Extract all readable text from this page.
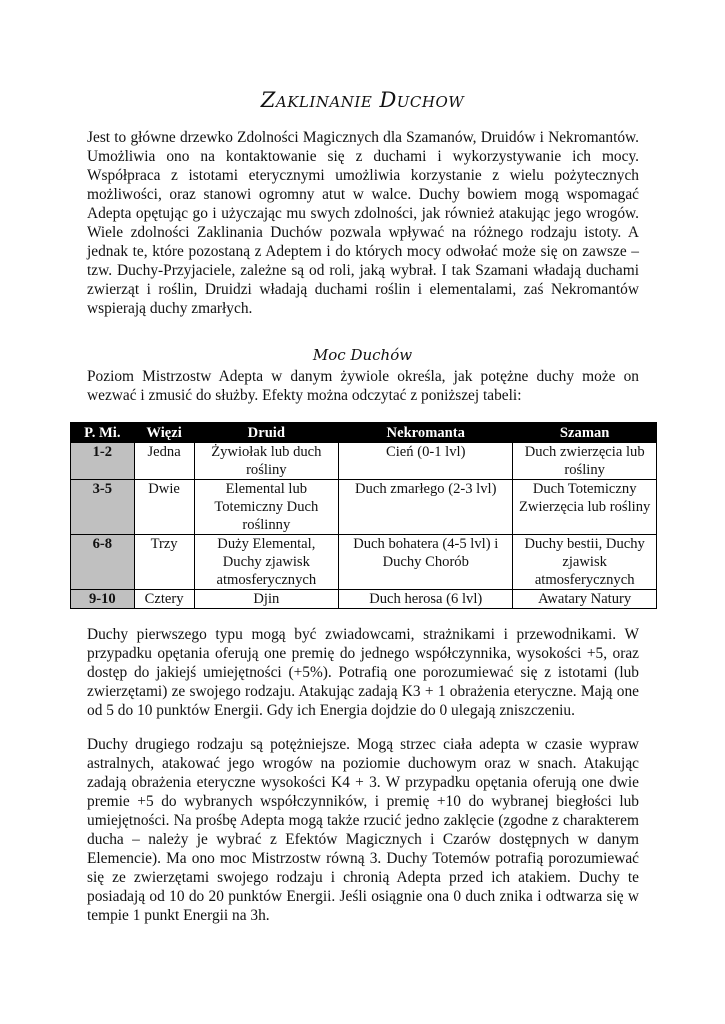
Zaklinanie Duchow

Jest to główne drzewko Zdolności Magicznych dla Szamanów, Druidów i Nekromantów. Umożliwia ono na kontaktowanie się z duchami i wykorzystywanie ich mocy. Współpraca z istotami eterycznymi umożliwia korzystanie z wielu pożytecznych możliwości, oraz stanowi ogromny atut w walce. Duchy bowiem mogą wspomagać Adepta opętując go i użyczając mu swych zdolności, jak również atakując jego wrogów. Wiele zdolności Zaklinania Duchów pozwala wpływać na różnego rodzaju istoty. A jednak te, które pozostaną z Adeptem i do których mocy odwołać może się on zawsze – tzw. Duchy-Przyjaciele, zależne są od roli, jaką wybrał. I tak Szamani władają duchami zwierząt i roślin, Druidzi władają duchami roślin i elementalami, zaś Nekromantów wspierają duchy zmarłych.

Moc Duchów

Poziom Mistrzostw Adepta w danym żywiole określa, jak potężne duchy może on wezwać i zmusić do służby. Efekty można odczytać z poniższej tabeli:

P. Mi.	Więzi	Druid	Nekromanta	Szaman
1-2	Jedna	Żywiołak lub duch rośliny	Cień (0-1 lvl)	Duch zwierzęcia lub rośliny
3-5	Dwie	Elemental lub Totemiczny Duch roślinny	Duch zmarłego (2-3 lvl)	Duch Totemiczny Zwierzęcia lub rośliny
6-8	Trzy	Duży Elemental, Duchy zjawisk atmosferycznych	Duch bohatera (4-5 lvl) i Duchy Chorób	Duchy bestii, Duchy zjawisk atmosferycznych
9-10	Cztery	Djin	Duch herosa (6 lvl)	Awatary Natury

Duchy pierwszego typu mogą być zwiadowcami, strażnikami i przewodnikami. W przypadku opętania oferują one premię do jednego współczynnika, wysokości +5, oraz dostęp do jakiejś umiejętności (+5%). Potrafią one porozumiewać się z istotami (lub zwierzętami) ze swojego rodzaju. Atakując zadają K3 + 1 obrażenia eteryczne. Mają one od 5 do 10 punktów Energii. Gdy ich Energia dojdzie do 0 ulegają zniszczeniu.

Duchy drugiego rodzaju są potężniejsze. Mogą strzec ciała adepta w czasie wypraw astralnych, atakować jego wrogów na poziomie duchowym oraz w snach. Atakując zadają obrażenia eteryczne wysokości K4 + 3. W przypadku opętania oferują one dwie premie +5 do wybranych współczynników, i premię +10 do wybranej biegłości lub umiejętności. Na prośbę Adepta mogą także rzucić jedno zaklęcie (zgodne z charakterem ducha – należy je wybrać z Efektów Magicznych i Czarów dostępnych w danym Elemencie). Ma ono moc Mistrzostw równą 3. Duchy Totemów potrafią porozumiewać się ze zwierzętami swojego rodzaju i chronią Adepta przed ich atakiem. Duchy te posiadają od 10 do 20 punktów Energii. Jeśli osiągnie ona 0 duch znika i odtwarza się w tempie 1 punkt Energii na 3h.
